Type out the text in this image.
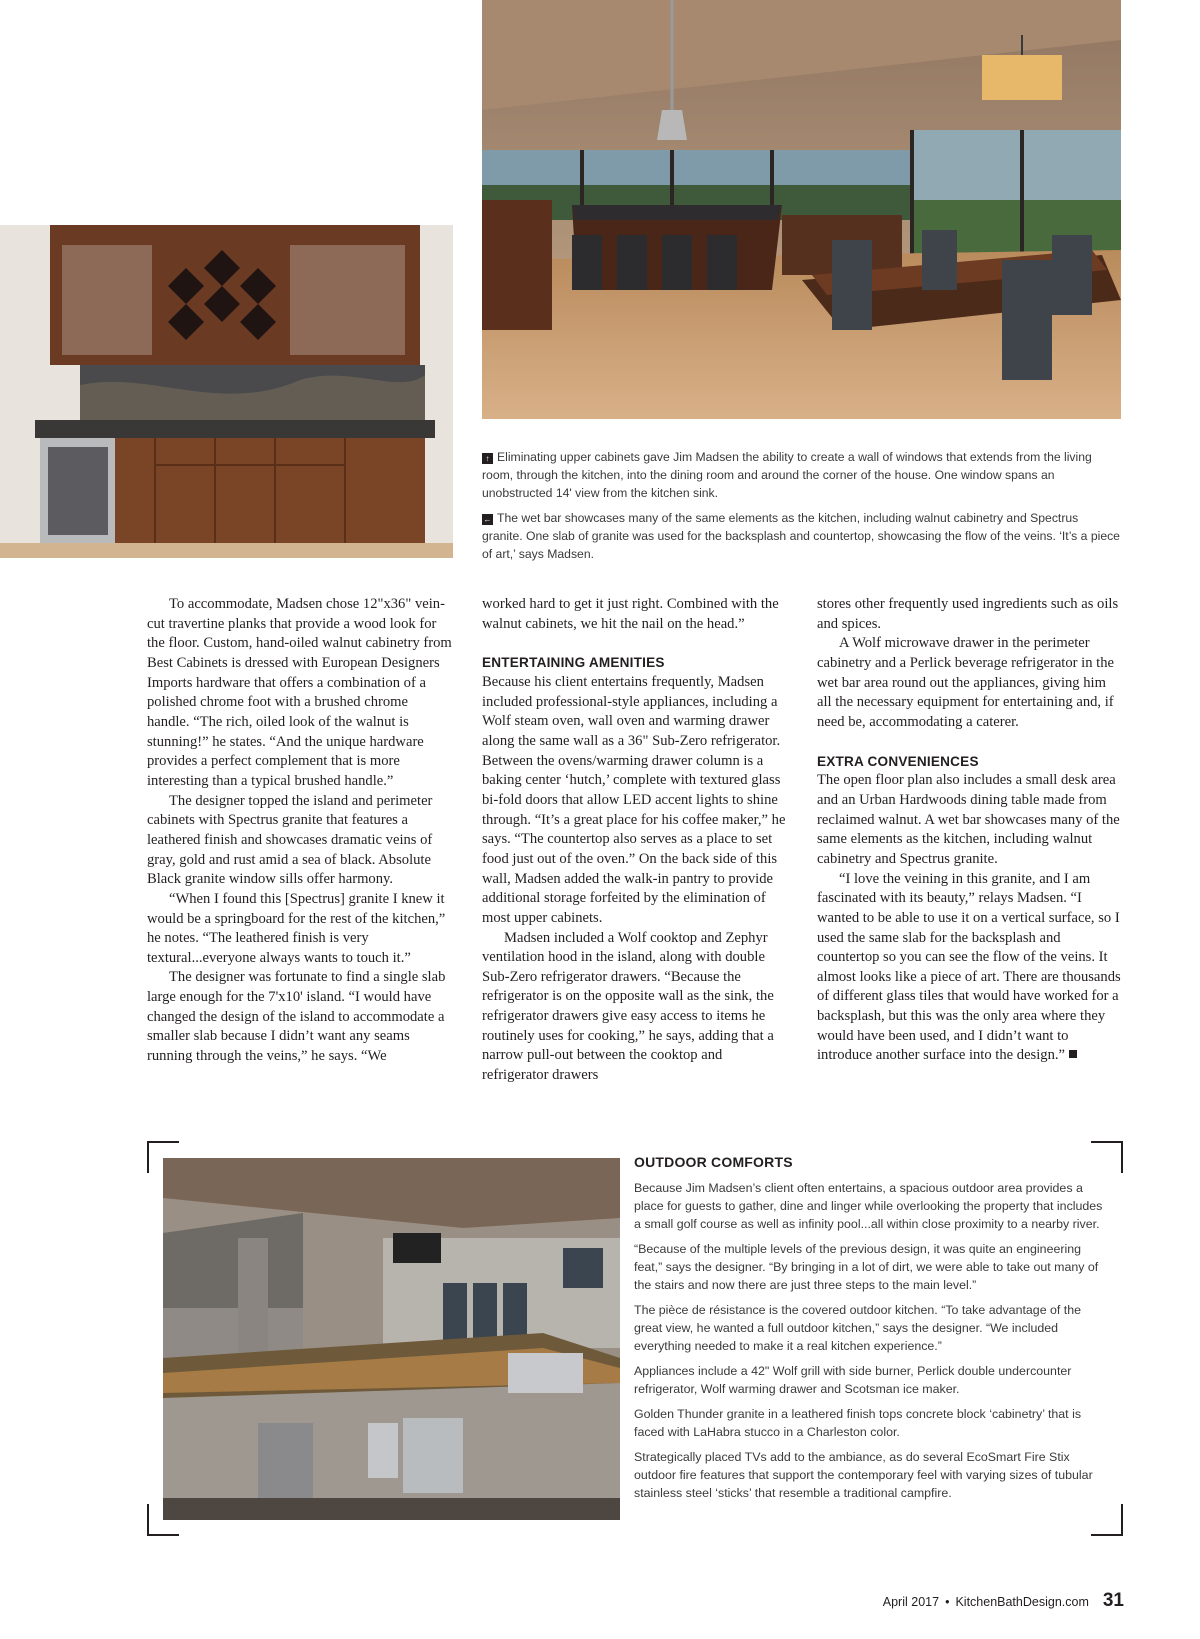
↑ Eliminating upper cabinets gave Jim Madsen the ability to create a wall of windows that extends from the living room, through the kitchen, into the dining room and around the corner of the house. One window spans an unobstructed 14' view from the kitchen sink.

← The wet bar showcases many of the same elements as the kitchen, including walnut cabinetry and Spectrus granite. One slab of granite was used for the backsplash and countertop, showcasing the flow of the veins. ‘It’s a piece of art,’ says Madsen.

To accommodate, Madsen chose 12"x36" vein-cut travertine planks that provide a wood look for the floor. Custom, hand-oiled walnut cabinetry from Best Cabinets is dressed with European Designers Imports hardware that offers a combination of a polished chrome foot with a brushed chrome handle. “The rich, oiled look of the walnut is stunning!” he states. “And the unique hardware provides a perfect complement that is more interesting than a typical brushed handle.”

The designer topped the island and perimeter cabinets with Spectrus granite that features a leathered finish and showcases dramatic veins of gray, gold and rust amid a sea of black. Absolute Black granite window sills offer harmony.

“When I found this [Spectrus] granite I knew it would be a springboard for the rest of the kitchen,” he notes. “The leathered finish is very textural...everyone always wants to touch it.”

The designer was fortunate to find a single slab large enough for the 7'x10' island. “I would have changed the design of the island to accommodate a smaller slab because I didn’t want any seams running through the veins,” he says. “We

worked hard to get it just right. Combined with the walnut cabinets, we hit the nail on the head.”

ENTERTAINING AMENITIES

Because his client entertains frequently, Madsen included professional-style appliances, including a Wolf steam oven, wall oven and warming drawer along the same wall as a 36" Sub-Zero refrigerator. Between the ovens/warming drawer column is a baking center ‘hutch,’ complete with textured glass bi-fold doors that allow LED accent lights to shine through. “It’s a great place for his coffee maker,” he says. “The countertop also serves as a place to set food just out of the oven.” On the back side of this wall, Madsen added the walk-in pantry to provide additional storage forfeited by the elimination of most upper cabinets.

Madsen included a Wolf cooktop and Zephyr ventilation hood in the island, along with double Sub-Zero refrigerator drawers. “Because the refrigerator is on the opposite wall as the sink, the refrigerator drawers give easy access to items he routinely uses for cooking,” he says, adding that a narrow pull-out between the cooktop and refrigerator drawers

stores other frequently used ingredients such as oils and spices.

A Wolf microwave drawer in the perimeter cabinetry and a Perlick beverage refrigerator in the wet bar area round out the appliances, giving him all the necessary equipment for entertaining and, if need be, accommodating a caterer.

EXTRA CONVENIENCES

The open floor plan also includes a small desk area and an Urban Hardwoods dining table made from reclaimed walnut. A wet bar showcases many of the same elements as the kitchen, including walnut cabinetry and Spectrus granite.

“I love the veining in this granite, and I am fascinated with its beauty,” relays Madsen. “I wanted to be able to use it on a vertical surface, so I used the same slab for the backsplash and countertop so you can see the flow of the veins. It almost looks like a piece of art. There are thousands of different glass tiles that would have worked for a backsplash, but this was the only area where they would have been used, and I didn’t want to introduce another surface into the design.”

OUTDOOR COMFORTS

Because Jim Madsen’s client often entertains, a spacious outdoor area provides a place for guests to gather, dine and linger while overlooking the property that includes a small golf course as well as infinity pool...all within close proximity to a nearby river.

“Because of the multiple levels of the previous design, it was quite an engineering feat,” says the designer. “By bringing in a lot of dirt, we were able to take out many of the stairs and now there are just three steps to the main level.”

The pièce de résistance is the covered outdoor kitchen. “To take advantage of the great view, he wanted a full outdoor kitchen,” says the designer. “We included everything needed to make it a real kitchen experience.”

Appliances include a 42" Wolf grill with side burner, Perlick double undercounter refrigerator, Wolf warming drawer and Scotsman ice maker.

Golden Thunder granite in a leathered finish tops concrete block ‘cabinetry’ that is faced with LaHabra stucco in a Charleston color.

Strategically placed TVs add to the ambiance, as do several EcoSmart Fire Stix outdoor fire features that support the contemporary feel with varying sizes of tubular stainless steel ‘sticks’ that resemble a traditional campfire.

April 2017 • KitchenBathDesign.com 31
